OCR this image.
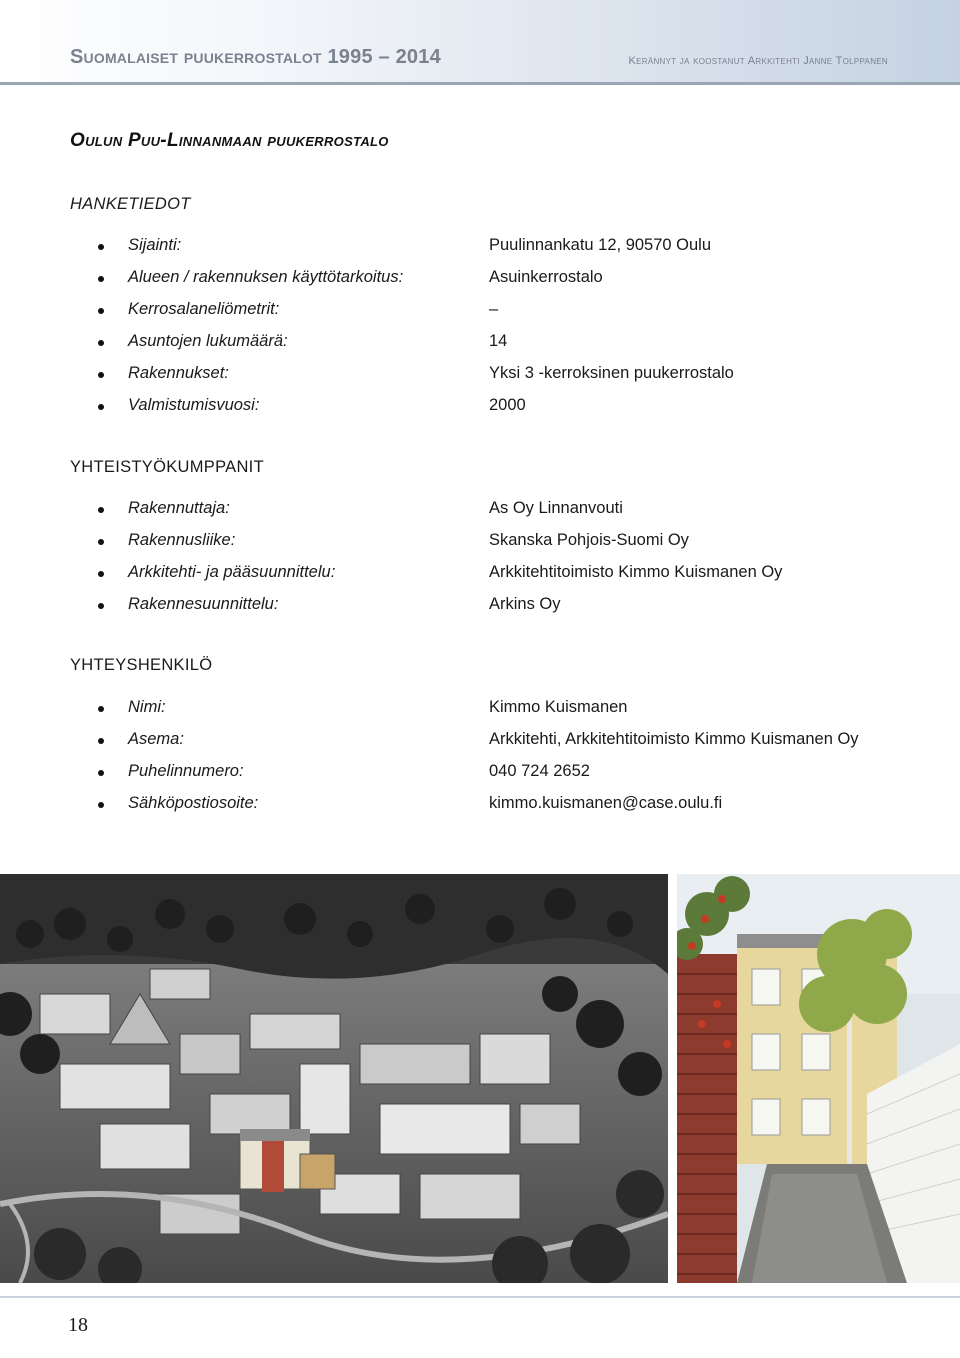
Suomalaiset puukerrostalot 1995 – 2014	Kerännyt ja koostanut Arkkitehti Janne Tolppanen
Oulun Puu-Linnanmaan puukerrostalo
HANKETIEDOT
Sijainti:	Puulinnankatu 12, 90570 Oulu
Alueen / rakennuksen käyttötarkoitus:	Asuinkerrostalo
Kerrosalaneliömetrit:	–
Asuntojen lukumäärä:	14
Rakennukset:	Yksi 3 -kerroksinen puukerrostalo
Valmistumisvuosi:	2000
YHTEISTYÖKUMPPANIT
Rakennuttaja:	As Oy Linnanvouti
Rakennusliike:	Skanska Pohjois-Suomi Oy
Arkkitehti- ja pääsuunnittelu:	Arkkitehtitoimisto Kimmo Kuismanen Oy
Rakennesuunnittelu:	Arkins Oy
YHTEYSHENKILÖ
Nimi:	Kimmo Kuismanen
Asema:	Arkkitehti, Arkkitehtitoimisto Kimmo Kuismanen Oy
Puhelinnumero:	040 724 2652
Sähköpostiosoite:	kimmo.kuismanen@case.oulu.fi
18
